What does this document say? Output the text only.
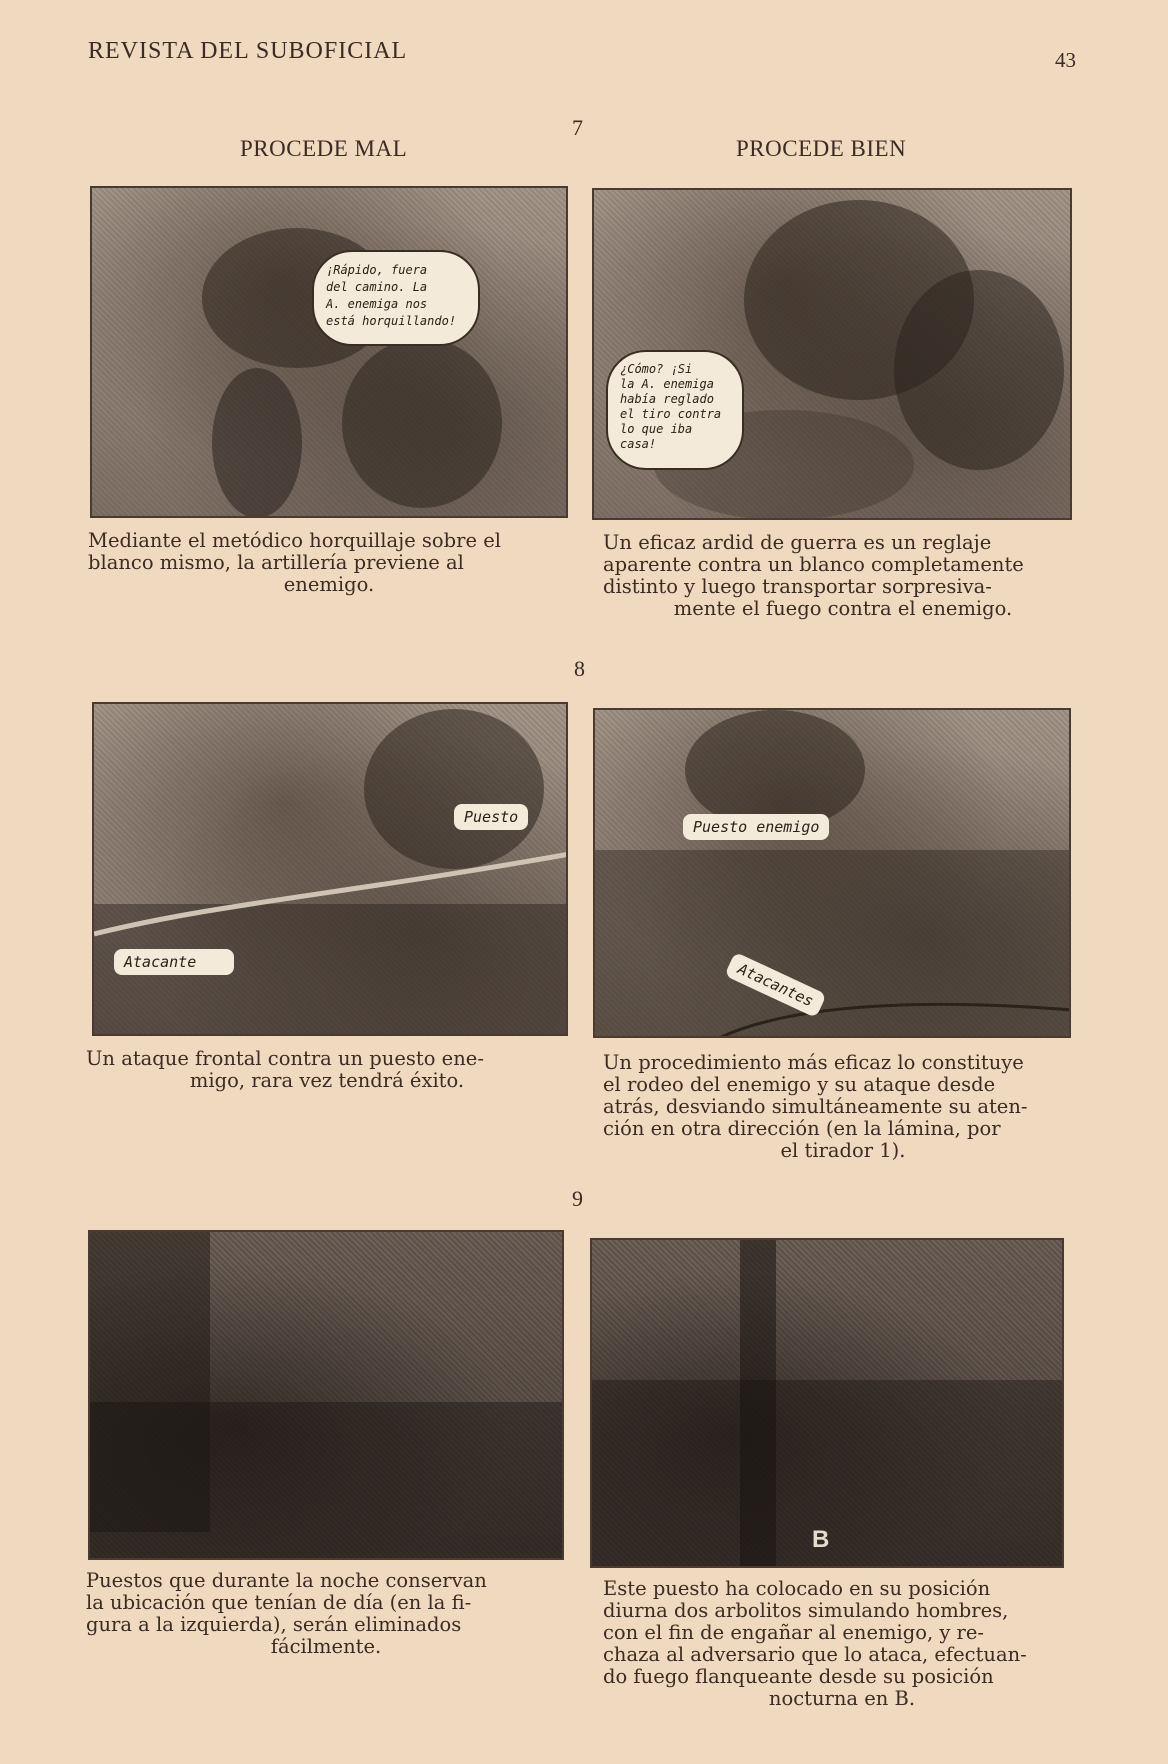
REVISTA DEL SUBOFICIAL	43
PROCEDE MAL	PROCEDE BIEN
7
¡Rápido, fuera
del camino. La
A. enemiga nos
está horquillando!
¿Cómo? ¡Si
la A. enemiga
había reglado
el tiro contra
lo que iba
casa!
Mediante el metódico horquillaje sobre el
blanco mismo, la artillería previene al
enemigo.
Un eficaz ardid de guerra es un reglaje
aparente contra un blanco completamente
distinto y luego transportar sorpresiva-
mente el fuego contra el enemigo.
8
Puesto
Atacante
Puesto enemigo
Atacantes
Un ataque frontal contra un puesto ene-
migo, rara vez tendrá éxito.
Un procedimiento más eficaz lo constituye
el rodeo del enemigo y su ataque desde
atrás, desviando simultáneamente su aten-
ción en otra dirección (en la lámina, por
el tirador 1).
9
B
Puestos que durante la noche conservan
la ubicación que tenían de día (en la fi-
gura a la izquierda), serán eliminados
fácilmente.
Este puesto ha colocado en su posición
diurna dos arbolitos simulando hombres,
con el fin de engañar al enemigo, y re-
chaza al adversario que lo ataca, efectuan-
do fuego flanqueante desde su posición
nocturna en B.
